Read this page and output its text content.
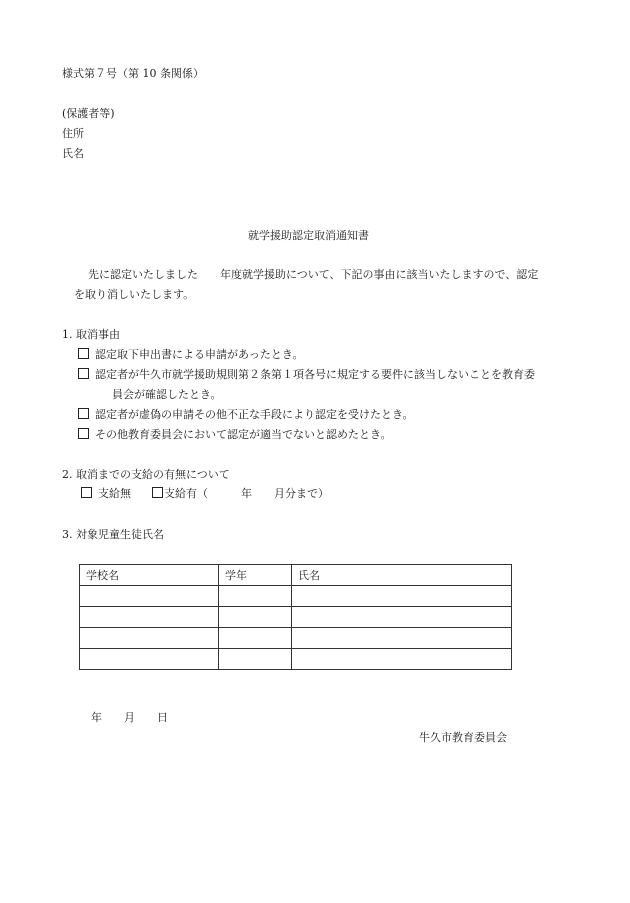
様式第７号（第 10 条関係）
(保護者等)
住所
氏名
就学援助認定取消通知書
先に認定いたしました　　年度就学援助について、下記の事由に該当いたしますので、認定
を取り消しいたします。
1. 取消事由
認定取下申出書による申請があったとき。
認定者が牛久市就学援助規則第２条第１項各号に規定する要件に該当しないことを教育委
員会が確認したとき。
認定者が虚偽の申請その他不正な手段により認定を受けたとき。
その他教育委員会において認定が適当でないと認めたとき。
2. 取消までの支給の有無について
支給無	支給有（　　　年　　月分まで）
3. 対象児童生徒氏名
学校名	学年	氏名

年　　月　　日
牛久市教育委員会
